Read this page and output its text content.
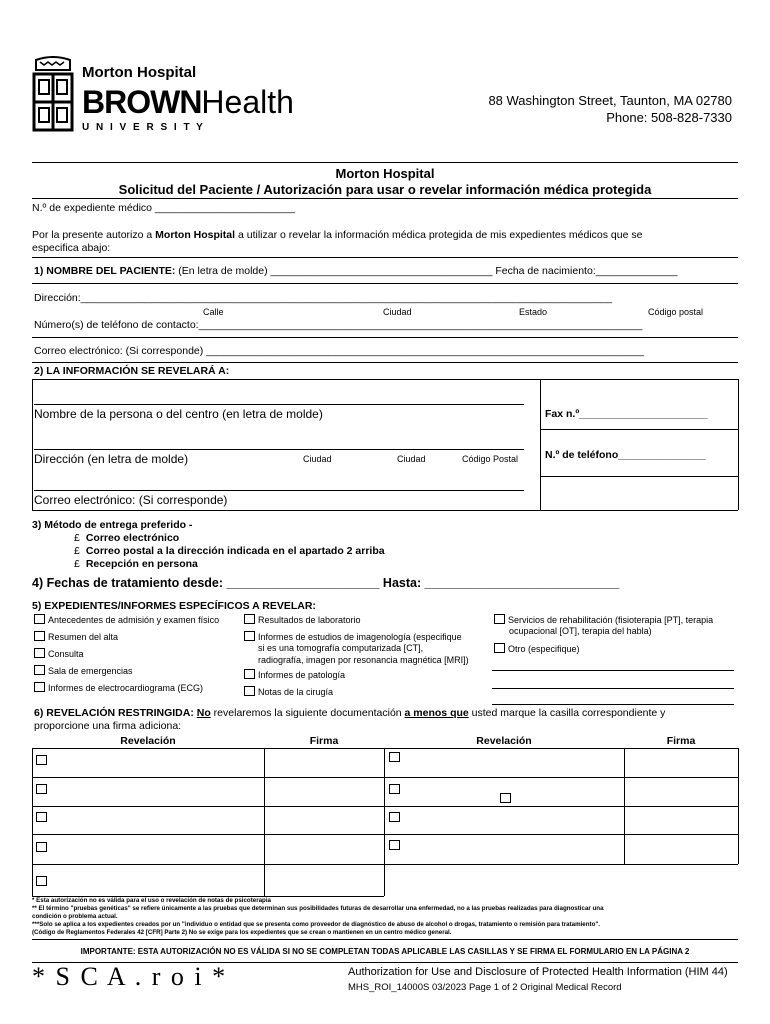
Morton Hospital
BROWNHealth
U N I V E R S I T Y
88 Washington Street, Taunton, MA 02780
Phone: 508-828-7330
Morton Hospital
Solicitud del Paciente / Autorización para usar o revelar información médica protegida
N.º de expediente médico ________________________
Por la presente autorizo a Morton Hospital a utilizar o revelar la información médica protegida de mis expedientes médicos que se
especifica abajo:
1) NOMBRE DEL PACIENTE: (En letra de molde) ______________________________________ Fecha de nacimiento:______________
Dirección:___________________________________________________________________________________________
Calle	Ciudad	Estado	Código postal
Número(s) de teléfono de contacto:____________________________________________________________________________
Correo electrónico: (Si corresponde) ___________________________________________________________________________
2) LA INFORMACIÓN SE REVELARÁ A:
Nombre de la persona o del centro (en letra de molde)	Fax n.º______________________
Dirección (en letra de molde)	Ciudad	Ciudad	Código Postal	N.º de teléfono_______________
Correo electrónico: (Si corresponde)
3) Método de entrega preferido -
£ Correo electrónico
£ Correo postal a la dirección indicada en el apartado 2 arriba
£ Recepción en persona
4) Fechas de tratamiento desde: ______________________ Hasta: ____________________________
5) EXPEDIENTES/INFORMES ESPECÍFICOS A REVELAR:
Antecedentes de admisión y examen físico
Resumen del alta
Consulta
Sala de emergencias
Informes de electrocardiograma (ECG)
Resultados de laboratorio
Informes de estudios de imagenología (especifique
si es una tomografía computarizada [CT],
radiografía, imagen por resonancia magnética [MRI])
Informes de patología
Notas de la cirugía
Servicios de rehabilitación (fisioterapia [PT], terapia
ocupacional [OT], terapia del habla)
Otro (especifique)
6) REVELACIÓN RESTRINGIDA: No revelaremos la siguiente documentación a menos que usted marque la casilla correspondiente y
proporcione una firma adiciona:
Revelación	Firma	Revelación	Firma
* Esta autorización no es válida para el uso o revelación de notas de psicoterapia
** El término "pruebas genéticas" se refiere únicamente a las pruebas que determinan sus posibilidades futuras de desarrollar una enfermedad, no a las pruebas realizadas para diagnosticar una
condición o problema actual.
***Solo se aplica a los expedientes creados por un "individuo o entidad que se presenta como proveedor de diagnóstico de abuso de alcohol o drogas, tratamiento o remisión para tratamiento".
(Código de Reglamentos Federales 42 [CFR] Parte 2) No se exige para los expedientes que se crean o mantienen en un centro médico general.
IMPORTANTE: ESTA AUTORIZACIÓN NO ES VÁLIDA SI NO SE COMPLETAN TODAS APLICABLE LAS CASILLAS Y SE FIRMA EL FORMULARIO EN LA PÁGINA 2
* S C A . r o i *	Authorization for Use and Disclosure of Protected Health Information (HIM 44)
MHS_ROI_14000S 03/2023 Page 1 of 2 Original Medical Record
